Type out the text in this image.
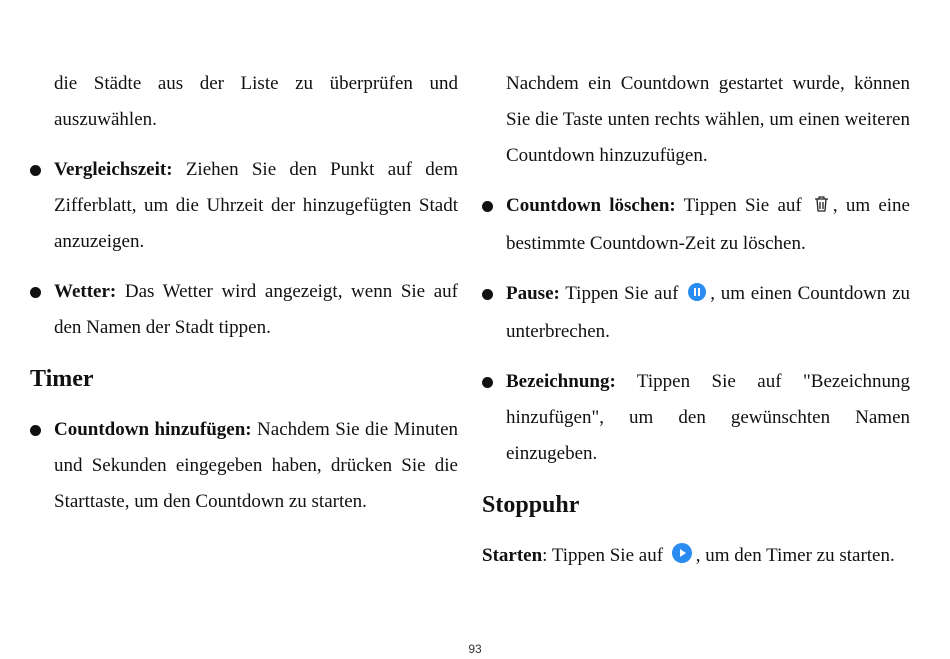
die Städte aus der Liste zu überprüfen und auszuwählen.

Vergleichszeit: Ziehen Sie den Punkt auf dem Zifferblatt, um die Uhrzeit der hinzugefügten Stadt anzuzeigen.

Wetter: Das Wetter wird angezeigt, wenn Sie auf den Namen der Stadt tippen.

Timer

Countdown hinzufügen: Nachdem Sie die Minuten und Sekunden eingegeben haben, drücken Sie die Starttaste, um den Countdown zu starten.

Nachdem ein Countdown gestartet wurde, können Sie die Taste unten rechts wählen, um einen weiteren Countdown hinzuzufügen.

Countdown löschen: Tippen Sie auf , um eine bestimmte Countdown-Zeit zu löschen.

Pause: Tippen Sie auf , um einen Countdown zu unterbrechen.

Bezeichnung: Tippen Sie auf "Bezeichnung hinzufügen", um den gewünschten Namen einzugeben.

Stoppuhr

Starten: Tippen Sie auf , um den Timer zu starten.

93
